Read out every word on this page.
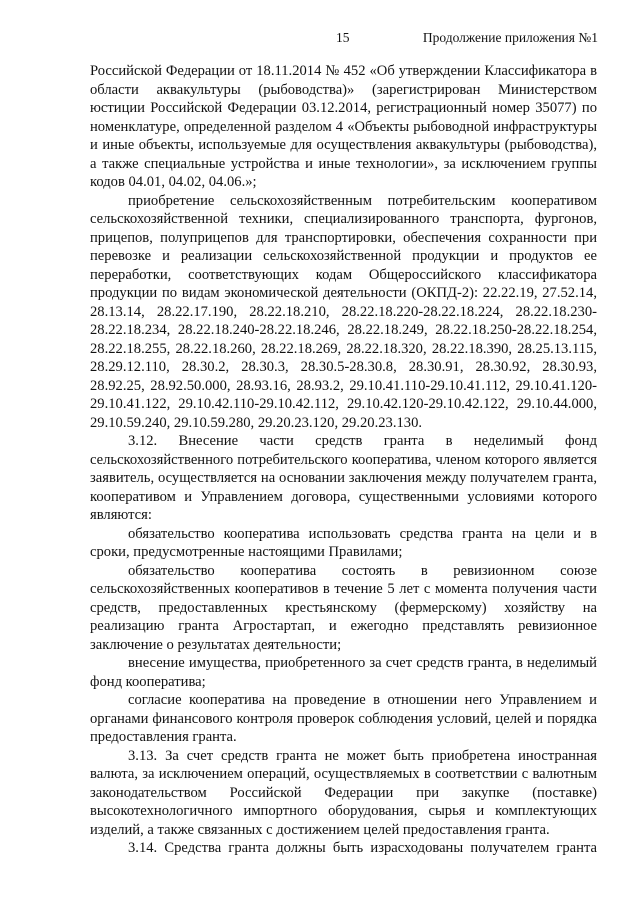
15	Продолжение приложения №1

Российской Федерации от 18.11.2014 № 452 «Об утверждении Классификатора в области аквакультуры (рыбоводства)» (зарегистрирован Министерством юстиции Российской Федерации 03.12.2014, регистрационный номер 35077) по номенклатуре, определенной разделом 4 «Объекты рыбоводной инфраструктуры и иные объекты, используемые для осуществления аквакультуры (рыбоводства), а также специальные устройства и иные технологии», за исключением группы кодов 04.01, 04.02, 04.06.»;

приобретение сельскохозяйственным потребительским кооперативом сельскохозяйственной техники, специализированного транспорта, фургонов, прицепов, полуприцепов для транспортировки, обеспечения сохранности при перевозке и реализации сельскохозяйственной продукции и продуктов ее переработки, соответствующих кодам Общероссийского классификатора продукции по видам экономической деятельности (ОКПД-2): 22.22.19, 27.52.14, 28.13.14, 28.22.17.190, 28.22.18.210, 28.22.18.220-28.22.18.224, 28.22.18.230-28.22.18.234, 28.22.18.240-28.22.18.246, 28.22.18.249, 28.22.18.250-28.22.18.254, 28.22.18.255, 28.22.18.260, 28.22.18.269, 28.22.18.320, 28.22.18.390, 28.25.13.115, 28.29.12.110, 28.30.2, 28.30.3, 28.30.5-28.30.8, 28.30.91, 28.30.92, 28.30.93, 28.92.25, 28.92.50.000, 28.93.16, 28.93.2, 29.10.41.110-29.10.41.112, 29.10.41.120-29.10.41.122, 29.10.42.110-29.10.42.112, 29.10.42.120-29.10.42.122, 29.10.44.000, 29.10.59.240, 29.10.59.280, 29.20.23.120, 29.20.23.130.

3.12. Внесение части средств гранта в неделимый фонд сельскохозяйственного потребительского кооператива, членом которого является заявитель, осуществляется на основании заключения между получателем гранта, кооперативом и Управлением договора, существенными условиями которого являются:

обязательство кооператива использовать средства гранта на цели и в сроки, предусмотренные настоящими Правилами;

обязательство кооператива состоять в ревизионном союзе сельскохозяйственных кооперативов в течение 5 лет с момента получения части средств, предоставленных крестьянскому (фермерскому) хозяйству на реализацию гранта Агростартап, и ежегодно представлять ревизионное заключение о результатах деятельности;

внесение имущества, приобретенного за счет средств гранта, в неделимый фонд кооператива;

согласие кооператива на проведение в отношении него Управлением и органами финансового контроля проверок соблюдения условий, целей и порядка предоставления гранта.

3.13. За счет средств гранта не может быть приобретена иностранная валюта, за исключением операций, осуществляемых в соответствии с валютным законодательством Российской Федерации при закупке (поставке) высокотехнологичного импортного оборудования, сырья и комплектующих изделий, а также связанных с достижением целей предоставления гранта.

3.14. Средства гранта должны быть израсходованы получателем гранта
